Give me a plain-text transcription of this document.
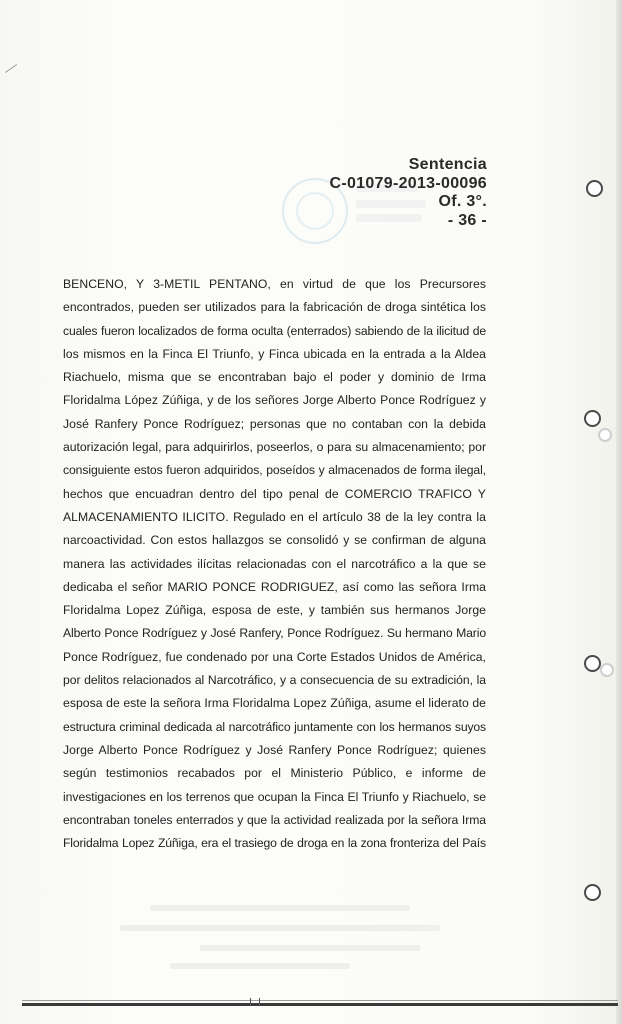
Sentencia
C-01079-2013-00096
Of. 3°.
- 36 -
BENCENO, Y 3-METIL PENTANO, en virtud de que los Precursores
encontrados, pueden ser utilizados para la fabricación de droga sintética los
cuales fueron localizados de forma oculta (enterrados) sabiendo de la ilicitud de
los mismos en la Finca El Triunfo, y Finca ubicada en la entrada a la Aldea
Riachuelo, misma que se encontraban bajo el poder y dominio de Irma
Floridalma López Zúñiga, y de los señores Jorge Alberto Ponce Rodríguez y
José Ranfery Ponce Rodríguez; personas que no contaban con la debida
autorización legal, para adquirirlos, poseerlos, o para su almacenamiento; por
consiguiente estos fueron adquiridos, poseídos y almacenados de forma ilegal,
hechos que encuadran dentro del tipo penal de COMERCIO TRAFICO Y
ALMACENAMIENTO ILICITO. Regulado en el artículo 38 de la ley contra la
narcoactividad. Con estos hallazgos se consolidó y se confirman de alguna
manera las actividades ilícitas relacionadas con el narcotráfico a la que se
dedicaba el señor MARIO PONCE RODRIGUEZ, así como las señora Irma
Floridalma Lopez Zúñiga, esposa de este, y también sus hermanos Jorge
Alberto Ponce Rodríguez y José Ranfery, Ponce Rodríguez. Su hermano Mario
Ponce Rodríguez, fue condenado por una Corte Estados Unidos de América,
por delitos relacionados al Narcotráfico, y a consecuencia de su extradición, la
esposa de este la señora Irma Floridalma Lopez Zúñiga, asume el liderato de
estructura criminal dedicada al narcotráfico juntamente con los hermanos suyos
Jorge Alberto Ponce Rodríguez y José Ranfery Ponce Rodríguez; quienes
según testimonios recabados por el Ministerio Público, e informe de
investigaciones en los terrenos que ocupan la Finca El Triunfo y Riachuelo, se
encontraban toneles enterrados y que la actividad realizada por la señora Irma
Floridalma Lopez Zúñiga, era el trasiego de droga en la zona fronteriza del País
